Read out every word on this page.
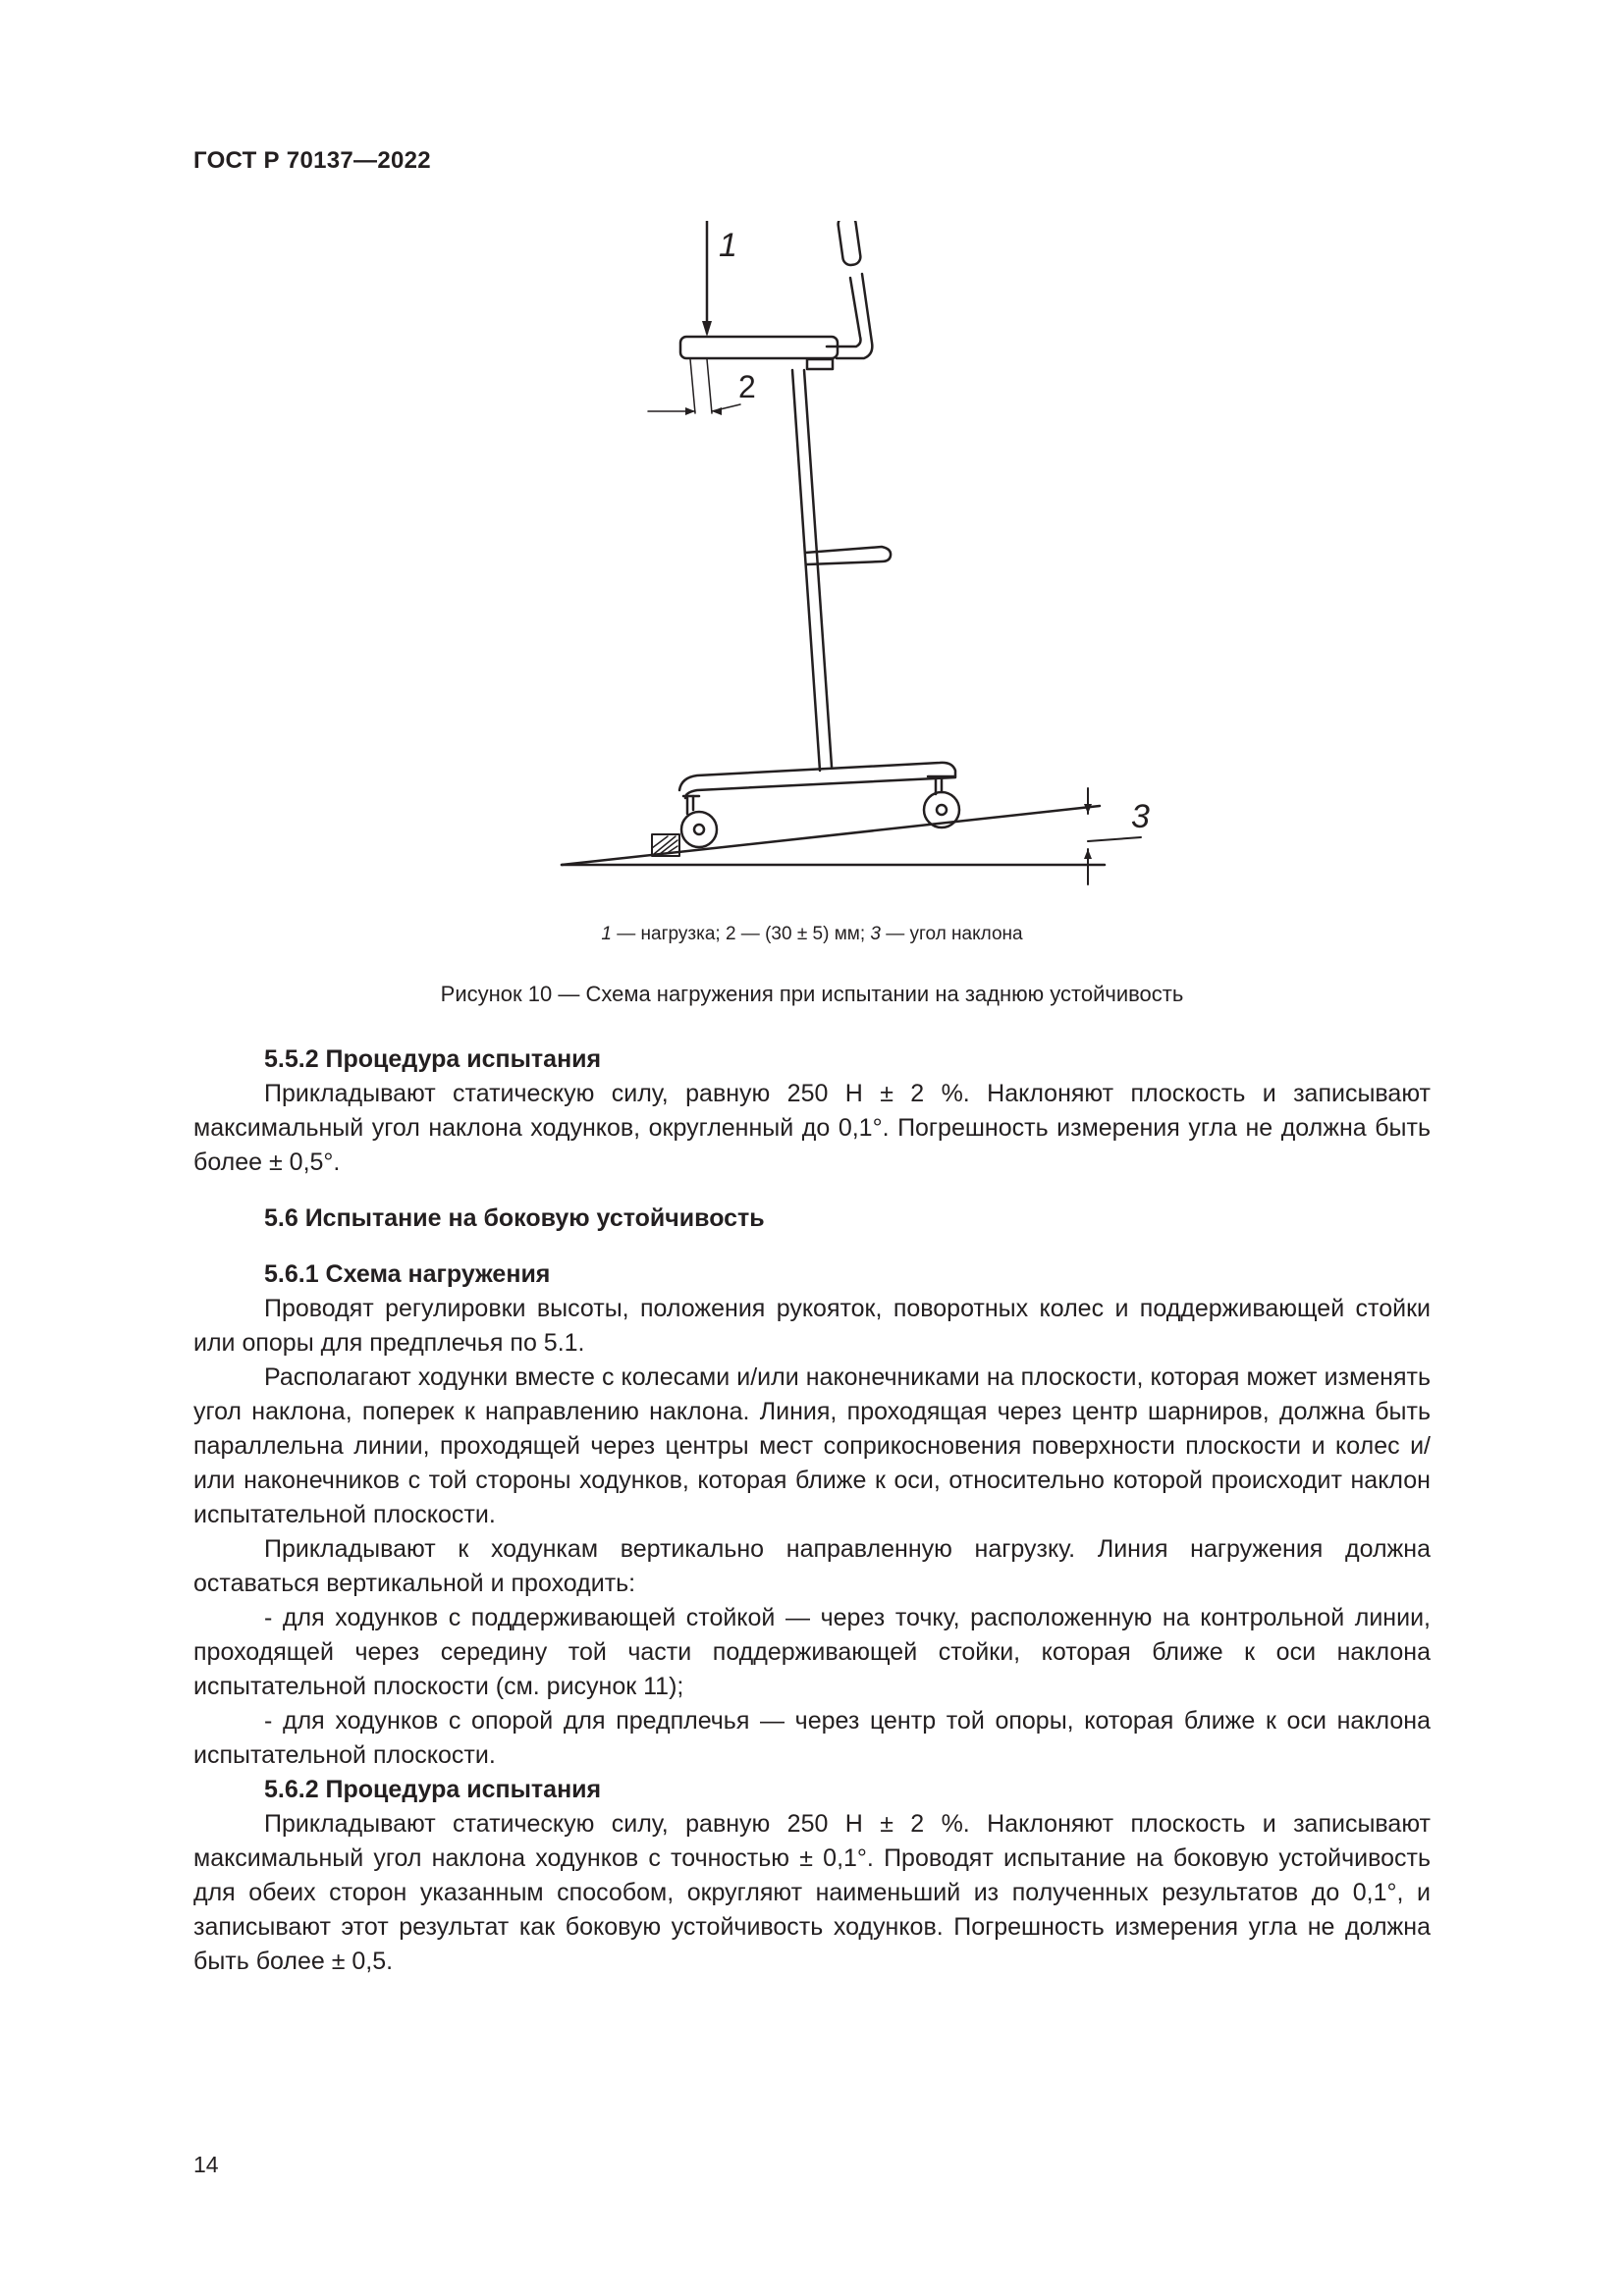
ГОСТ Р 70137—2022
1
2
3
1 — нагрузка; 2 — (30 ± 5) мм; 3 — угол наклона
Рисунок 10 — Схема нагружения при испытании на заднюю устойчивость
5.5.2 Процедура испытания
Прикладывают статическую силу, равную 250 Н ± 2 %. Наклоняют плоскость и записывают максимальный угол наклона ходунков, округленный до 0,1°. Погрешность измерения угла не должна быть более ± 0,5°.
5.6 Испытание на боковую устойчивость
5.6.1 Схема нагружения
Проводят регулировки высоты, положения рукояток, поворотных колес и поддерживающей стойки или опоры для предплечья по 5.1.
Располагают ходунки вместе с колесами и/или наконечниками на плоскости, которая может изменять угол наклона, поперек к направлению наклона. Линия, проходящая через центр шарниров, должна быть параллельна линии, проходящей через центры мест соприкосновения поверхности плоскости и колес и/или наконечников с той стороны ходунков, которая ближе к оси, относительно которой происходит наклон испытательной плоскости.
Прикладывают к ходункам вертикально направленную нагрузку. Линия нагружения должна оставаться вертикальной и проходить:
- для ходунков с поддерживающей стойкой — через точку, расположенную на контрольной линии, проходящей через середину той части поддерживающей стойки, которая ближе к оси наклона испытательной плоскости (см. рисунок 11);
- для ходунков с опорой для предплечья — через центр той опоры, которая ближе к оси наклона испытательной плоскости.
5.6.2 Процедура испытания
Прикладывают статическую силу, равную 250 Н ± 2 %. Наклоняют плоскость и записывают максимальный угол наклона ходунков с точностью ± 0,1°. Проводят испытание на боковую устойчивость для обеих сторон указанным способом, округляют наименьший из полученных результатов до 0,1°, и записывают этот результат как боковую устойчивость ходунков. Погрешность измерения угла не должна быть более ± 0,5.
14
